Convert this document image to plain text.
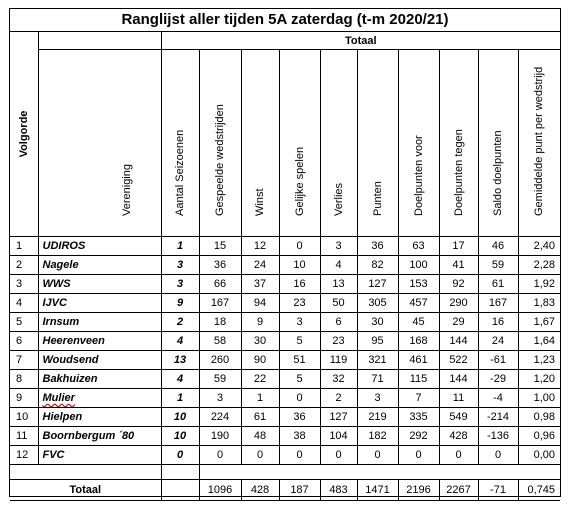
Ranglijst aller tijden 5A zaterdag (t-m 2020/21)
Volgorde		Totaal									

	Vereniging	Aantal Seizoenen	Gespeelde wedstrijden	Winst	Gelijke spelen	Verlies	Punten	Doelpunten voor	Doelpunten tegen	Saldo doelpunten	Gemiddelde punt per wedstrijd

1	UDIROS	1	15	12	0	3	36	63	17	46	2,40
2	Nagele	3	36	24	10	4	82	100	41	59	2,28
3	WWS	3	66	37	16	13	127	153	92	61	1,92
4	IJVC	9	167	94	23	50	305	457	290	167	1,83
5	Irnsum	2	18	9	3	6	30	45	29	16	1,67
6	Heerenveen	4	58	30	5	23	95	168	144	24	1,64
7	Woudsend	13	260	90	51	119	321	461	522	-61	1,23
8	Bakhuizen	4	59	22	5	32	71	115	144	-29	1,20
9	Mulier	1	3	1	0	2	3	7	11	-4	1,00
10	Hielpen	10	224	61	36	127	219	335	549	-214	0,98
11	Boornbergum ´80	10	190	48	38	104	182	292	428	-136	0,96
12	FVC	0	0	0	0	0	0	0	0	0	0,00

Totaal			1096	428	187	483	1471	2196	2267	-71	0,745
